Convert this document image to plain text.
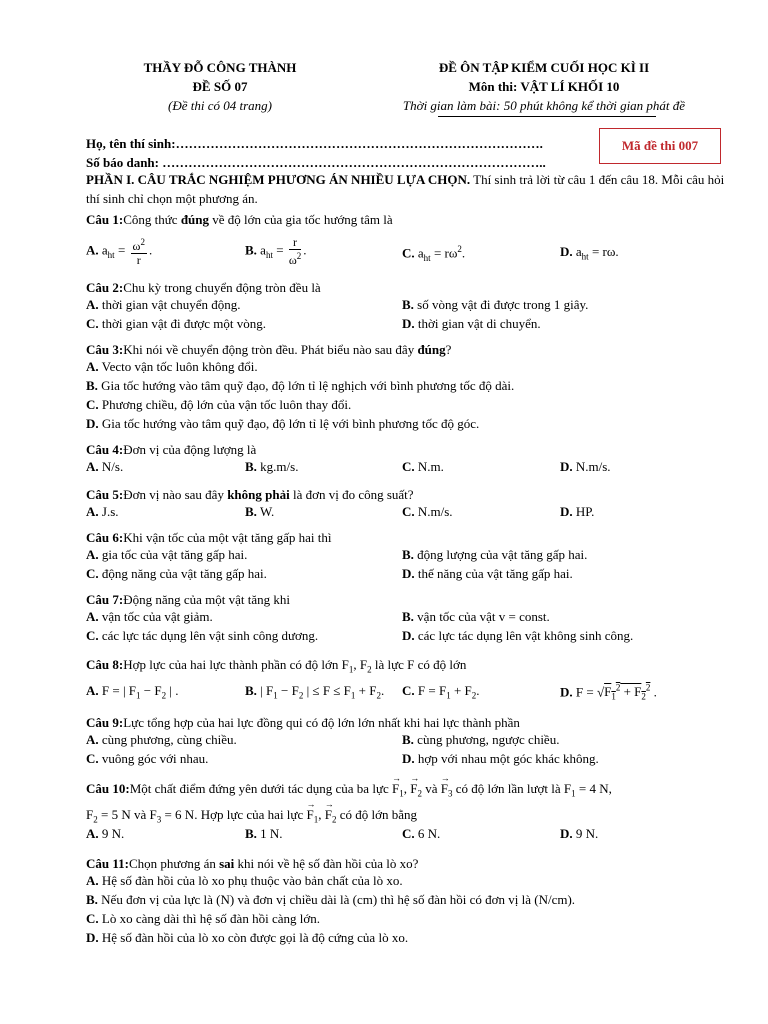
THẦY ĐỖ CÔNG THÀNH
ĐỀ SỐ 07
(Đề thi có 04 trang)
ĐỀ ÔN TẬP KIỂM CUỐI HỌC KÌ II
Môn thi: VẬT LÍ KHỐI 10
Thời gian làm bài: 50 phút không kể thời gian phát đề
Họ, tên thí sinh:………………………………………………………………………….
Số báo danh: ……………………………………………………………………………..
Mã đề thi 007
PHẦN I. CÂU TRẮC NGHIỆM PHƯƠNG ÁN NHIỀU LỰA CHỌN. Thí sinh trả lời từ câu 1 đến câu 18. Mỗi câu hỏi thí sinh chỉ chọn một phương án.
Câu 1:Công thức đúng về độ lớn của gia tốc hướng tâm là
A. $a_{ht} = \frac{\omega^2}{r}$ .	B. $a_{ht} = \frac{r}{\omega^2}$ .	C. $a_{ht} = r\omega^2$.	D. $a_{ht} = r\omega$.
Câu 2:Chu kỳ trong chuyển động tròn đều là
A. thời gian vật chuyển động.	B. số vòng vật đi được trong 1 giây.
C. thời gian vật đi được một vòng.	D. thời gian vật di chuyển.
Câu 3:Khi nói về chuyển động tròn đều. Phát biểu nào sau đây đúng?
A. Vecto vận tốc luôn không đổi.
B. Gia tốc hướng vào tâm quỹ đạo, độ lớn tỉ lệ nghịch với bình phương tốc độ dài.
C. Phương chiều, độ lớn của vận tốc luôn thay đổi.
D. Gia tốc hướng vào tâm quỹ đạo, độ lớn tỉ lệ với bình phương tốc độ góc.
Câu 4:Đơn vị của động lượng là
A. N/s.	B. kg.m/s.	C. N.m.	D. N.m/s.
Câu 5:Đơn vị nào sau đây không phải là đơn vị đo công suất?
A. J.s.	B. W.	C. N.m/s.	D. HP.
Câu 6:Khi vận tốc của một vật tăng gấp hai thì
A. gia tốc của vật tăng gấp hai.	B. động lượng của vật tăng gấp hai.
C. động năng của vật tăng gấp hai.	D. thế năng của vật tăng gấp hai.
Câu 7:Động năng của một vật tăng khi
A. vận tốc của vật giảm.	B. vận tốc của vật v = const.
C. các lực tác dụng lên vật sinh công dương.	D. các lực tác dụng lên vật không sinh công.
Câu 8:Hợp lực của hai lực thành phần có độ lớn $F_1$, $F_2$ là lực F có độ lớn
A. F = | $F_1 - F_2$ | .	B. | $F_1 - F_2$ | ≤ $F \le F_1 + F_2$. C. $F = F_1 + F_2$.	D. $F = √F_1^2 + F_2^2$ .
Câu 9:Lực tổng hợp của hai lực đồng qui có độ lớn lớn nhất khi hai lực thành phần
A. cùng phương, cùng chiều.	B. cùng phương, ngược chiều.
C. vuông góc với nhau.	D. hợp với nhau một góc khác không.
Câu 10:Một chất điểm đứng yên dưới tác dụng của ba lực → $F_1$, → $F_2$ và → $F_3$ có độ lớn lần lượt là $F_1 = 4$ N,
$F_2 = 5$ N và $F_3 = 6$ N. Hợp lực của hai lực → $F_1$, → $F_2$ có độ lớn bằng
A. 9 N.	B. 1 N.	C. 6 N.	D. 9 N.
Câu 11:Chọn phương án sai khi nói về hệ số đàn hồi của lò xo?
A. Hệ số đàn hồi của lò xo phụ thuộc vào bản chất của lò xo.
B. Nếu đơn vị của lực là (N) và đơn vị chiều dài là (cm) thì hệ số đàn hồi có đơn vị là (N/cm).
C. Lò xo càng dài thì hệ số đàn hồi càng lớn.
D. Hệ số đàn hồi của lò xo còn được gọi là độ cứng của lò xo.
